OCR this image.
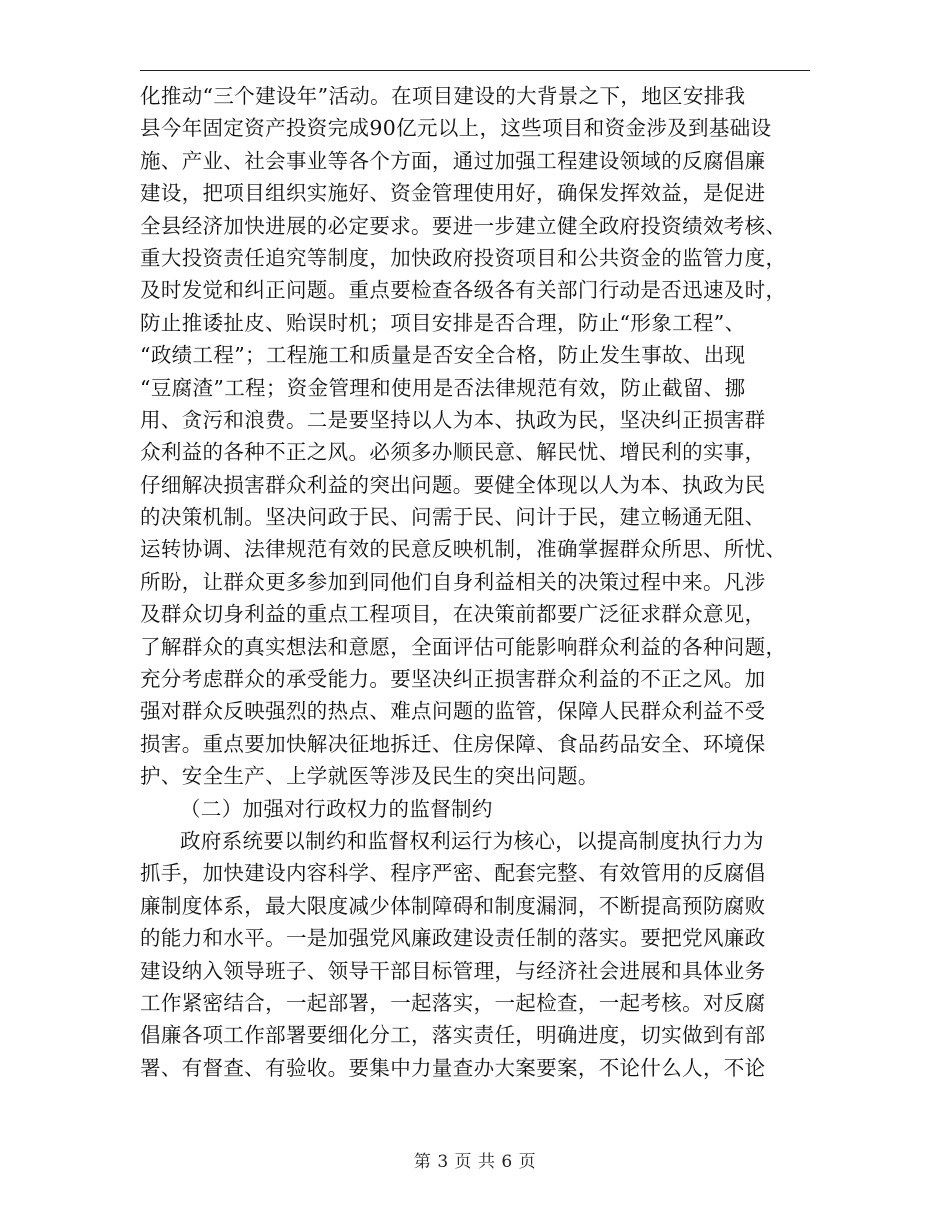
化推动“三个建设年”活动。在项目建设的大背景之下，地区安排我
县今年固定资产投资完成90亿元以上，这些项目和资金涉及到基础设
施、产业、社会事业等各个方面，通过加强工程建设领域的反腐倡廉
建设，把项目组织实施好、资金管理使用好，确保发挥效益，是促进
全县经济加快进展的必定要求。要进一步建立健全政府投资绩效考核、
重大投资责任追究等制度，加快政府投资项目和公共资金的监管力度，
及时发觉和纠正问题。重点要检查各级各有关部门行动是否迅速及时，
防止推诿扯皮、贻误时机；项目安排是否合理，防止“形象工程”、
“政绩工程”；工程施工和质量是否安全合格，防止发生事故、出现
“豆腐渣”工程；资金管理和使用是否法律规范有效，防止截留、挪
用、贪污和浪费。二是要坚持以人为本、执政为民，坚决纠正损害群
众利益的各种不正之风。必须多办顺民意、解民忧、增民利的实事，
仔细解决损害群众利益的突出问题。要健全体现以人为本、执政为民
的决策机制。坚决问政于民、问需于民、问计于民，建立畅通无阻、
运转协调、法律规范有效的民意反映机制，准确掌握群众所思、所忧、
所盼，让群众更多参加到同他们自身利益相关的决策过程中来。凡涉
及群众切身利益的重点工程项目，在决策前都要广泛征求群众意见，
了解群众的真实想法和意愿，全面评估可能影响群众利益的各种问题，
充分考虑群众的承受能力。要坚决纠正损害群众利益的不正之风。加
强对群众反映强烈的热点、难点问题的监管，保障人民群众利益不受
损害。重点要加快解决征地拆迁、住房保障、食品药品安全、环境保
护、安全生产、上学就医等涉及民生的突出问题。
（二）加强对行政权力的监督制约
政府系统要以制约和监督权利运行为核心，以提高制度执行力为
抓手，加快建设内容科学、程序严密、配套完整、有效管用的反腐倡
廉制度体系，最大限度减少体制障碍和制度漏洞，不断提高预防腐败
的能力和水平。一是加强党风廉政建设责任制的落实。要把党风廉政
建设纳入领导班子、领导干部目标管理，与经济社会进展和具体业务
工作紧密结合，一起部署，一起落实，一起检查，一起考核。对反腐
倡廉各项工作部署要细化分工，落实责任，明确进度，切实做到有部
署、有督查、有验收。要集中力量查办大案要案，不论什么人，不论
第 3 页 共 6 页
